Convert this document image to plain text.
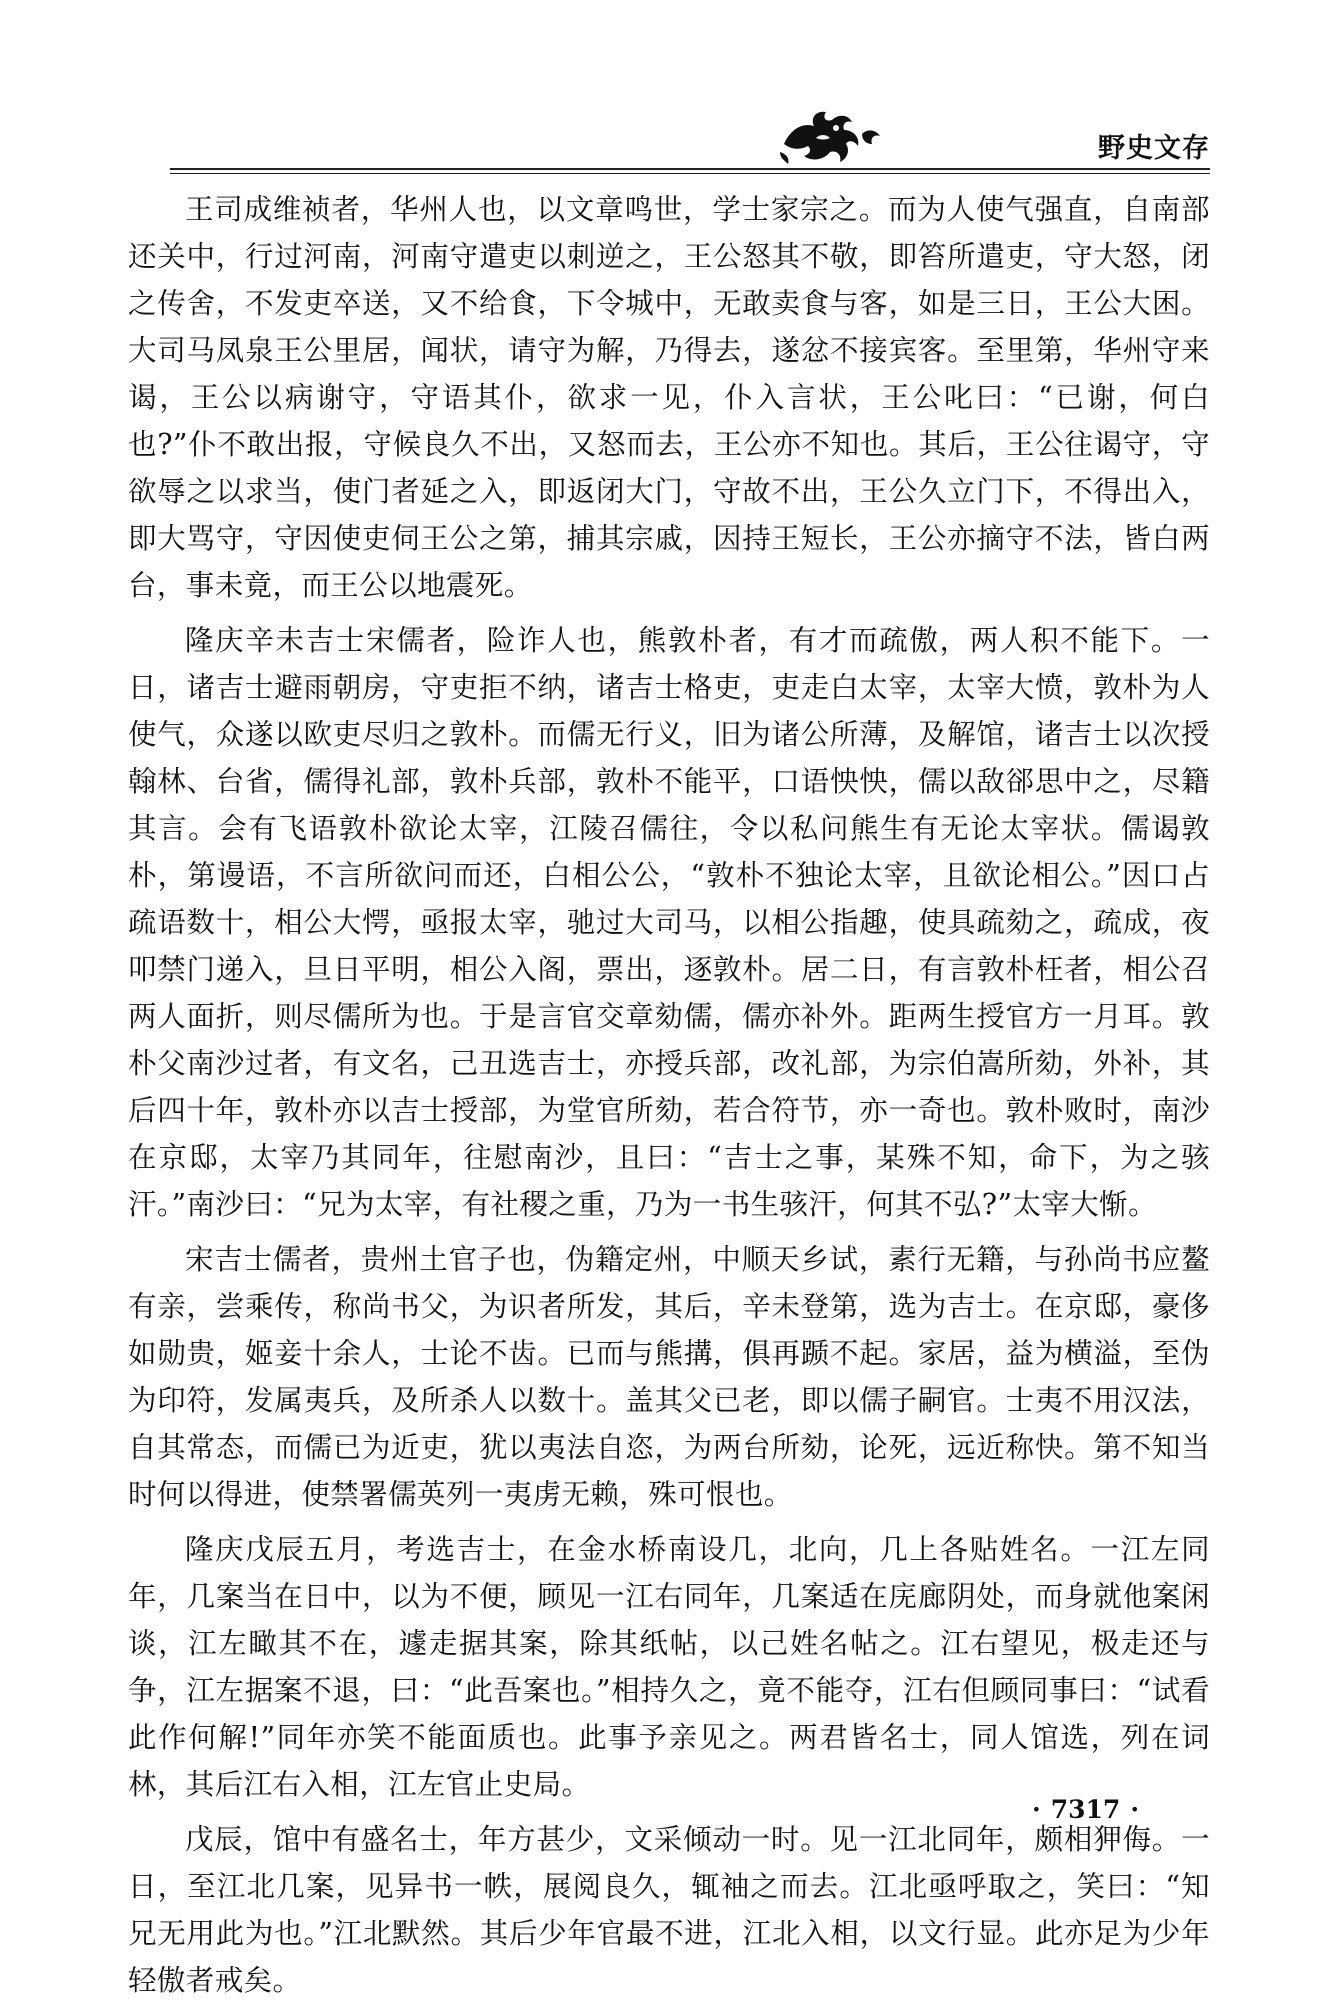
野史文存

王司成维祯者，华州人也，以文章鸣世，学士家宗之。而为人使气强直，自南部还关中，行过河南，河南守遣吏以刺逆之，王公怒其不敬，即笞所遣吏，守大怒，闭之传舍，不发吏卒送，又不给食，下令城中，无敢卖食与客，如是三日，王公大困。大司马凤泉王公里居，闻状，请守为解，乃得去，遂忿不接宾客。至里第，华州守来谒，王公以病谢守，守语其仆，欲求一见，仆入言状，王公叱曰：“已谢，何白也?”仆不敢出报，守候良久不出，又怒而去，王公亦不知也。其后，王公往谒守，守欲辱之以求当，使门者延之入，即返闭大门，守故不出，王公久立门下，不得出入，即大骂守，守因使吏伺王公之第，捕其宗戚，因持王短长，王公亦摘守不法，皆白两台，事未竟，而王公以地震死。

隆庆辛未吉士宋儒者，险诈人也，熊敦朴者，有才而疏傲，两人积不能下。一日，诸吉士避雨朝房，守吏拒不纳，诸吉士格吏，吏走白太宰，太宰大愤，敦朴为人使气，众遂以欧吏尽归之敦朴。而儒无行义，旧为诸公所薄，及解馆，诸吉士以次授翰林、台省，儒得礼部，敦朴兵部，敦朴不能平，口语怏怏，儒以敌郤思中之，尽籍其言。会有飞语敦朴欲论太宰，江陵召儒往，令以私问熊生有无论太宰状。儒谒敦朴，第谩语，不言所欲问而还，白相公公，“敦朴不独论太宰，且欲论相公。”因口占疏语数十，相公大愕，亟报太宰，驰过大司马，以相公指趣，使具疏劾之，疏成，夜叩禁门递入，旦日平明，相公入阁，票出，逐敦朴。居二日，有言敦朴枉者，相公召两人面折，则尽儒所为也。于是言官交章劾儒，儒亦补外。距两生授官方一月耳。敦朴父南沙过者，有文名，己丑选吉士，亦授兵部，改礼部，为宗伯嵩所劾，外补，其后四十年，敦朴亦以吉士授部，为堂官所劾，若合符节，亦一奇也。敦朴败时，南沙在京邸，太宰乃其同年，往慰南沙，且曰：“吉士之事，某殊不知，命下，为之骇汗。”南沙曰：“兄为太宰，有社稷之重，乃为一书生骇汗，何其不弘?”太宰大惭。

宋吉士儒者，贵州土官子也，伪籍定州，中顺天乡试，素行无籍，与孙尚书应鳌有亲，尝乘传，称尚书父，为识者所发，其后，辛未登第，选为吉士。在京邸，豪侈如勋贵，姬妾十余人，士论不齿。已而与熊搆，俱再踬不起。家居，益为横溢，至伪为印符，发属夷兵，及所杀人以数十。盖其父已老，即以儒子嗣官。士夷不用汉法，自其常态，而儒已为近吏，犹以夷法自恣，为两台所劾，论死，远近称快。第不知当时何以得进，使禁署儒英列一夷虏无赖，殊可恨也。

隆庆戊辰五月，考选吉士，在金水桥南设几，北向，几上各贴姓名。一江左同年，几案当在日中，以为不便，顾见一江右同年，几案适在庑廊阴处，而身就他案闲谈，江左瞰其不在，遽走据其案，除其纸帖，以己姓名帖之。江右望见，极走还与争，江左据案不退，曰：“此吾案也。”相持久之，竟不能夺，江右但顾同事曰：“试看此作何解!”同年亦笑不能面质也。此事予亲见之。两君皆名士，同人馆选，列在词林，其后江右入相，江左官止史局。

戊辰，馆中有盛名士，年方甚少，文采倾动一时。见一江北同年，颇相狎侮。一日，至江北几案，见异书一帙，展阅良久，辄袖之而去。江北亟呼取之，笑曰：“知兄无用此为也。”江北默然。其后少年官最不进，江北入相，以文行显。此亦足为少年轻傲者戒矣。

· 7317 ·
